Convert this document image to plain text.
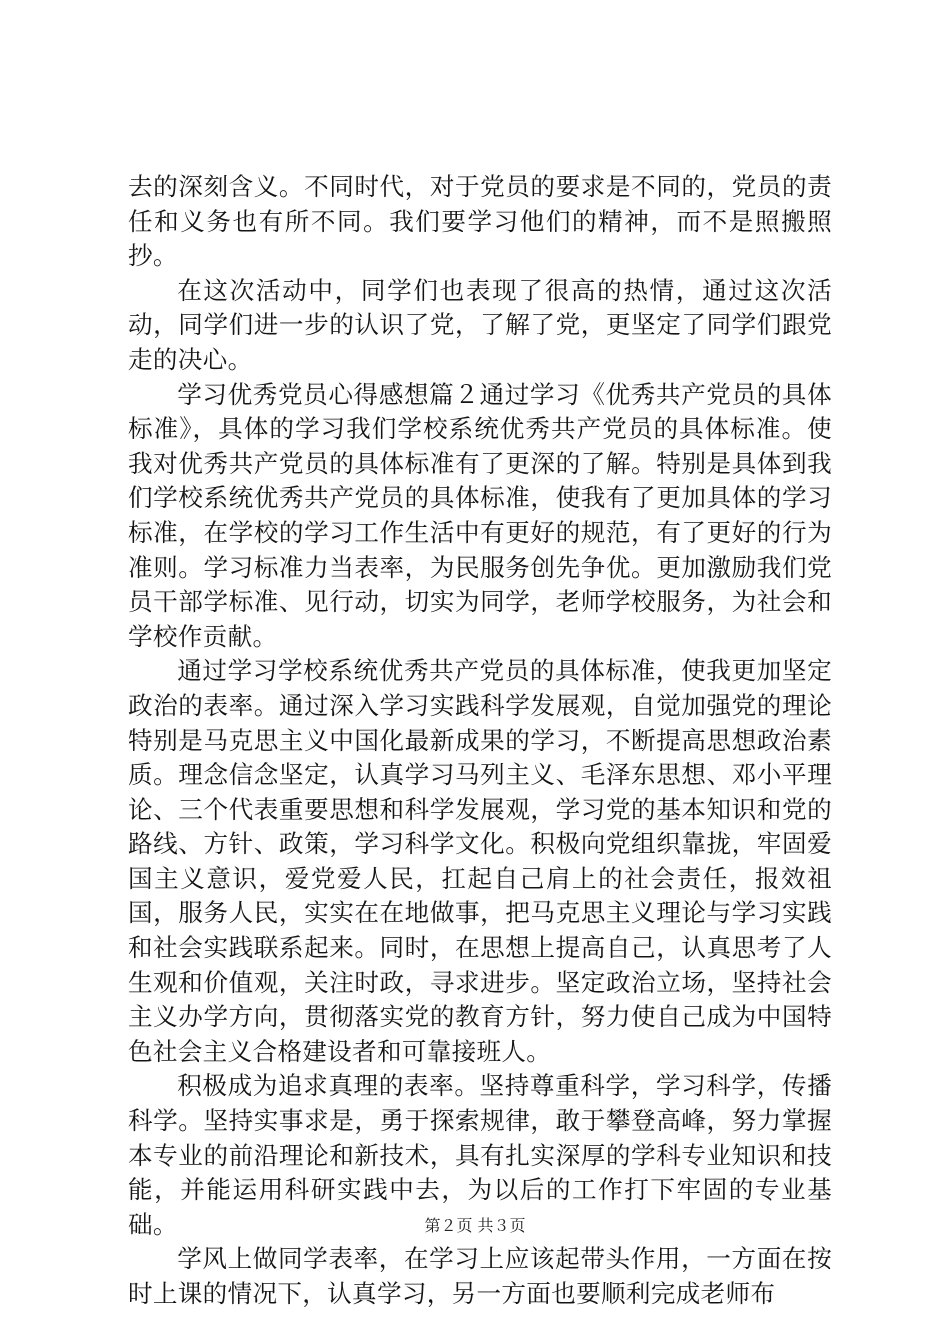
去的深刻含义。不同时代，对于党员的要求是不同的，党员的责任和义务也有所不同。我们要学习他们的精神，而不是照搬照抄。

在这次活动中，同学们也表现了很高的热情，通过这次活动，同学们进一步的认识了党，了解了党，更坚定了同学们跟党走的决心。

学习优秀党员心得感想篇２通过学习《优秀共产党员的具体标准》，具体的学习我们学校系统优秀共产党员的具体标准。使我对优秀共产党员的具体标准有了更深的了解。特别是具体到我们学校系统优秀共产党员的具体标准，使我有了更加具体的学习标准，在学校的学习工作生活中有更好的规范，有了更好的行为准则。学习标准力当表率，为民服务创先争优。更加激励我们党员干部学标准、见行动，切实为同学，老师学校服务，为社会和学校作贡献。

通过学习学校系统优秀共产党员的具体标准，使我更加坚定政治的表率。通过深入学习实践科学发展观，自觉加强党的理论特别是马克思主义中国化最新成果的学习，不断提高思想政治素质。理念信念坚定，认真学习马列主义、毛泽东思想、邓小平理论、三个代表重要思想和科学发展观，学习党的基本知识和党的路线、方针、政策，学习科学文化。积极向党组织靠拢，牢固爱国主义意识，爱党爱人民，扛起自己肩上的社会责任，报效祖国，服务人民，实实在在地做事，把马克思主义理论与学习实践和社会实践联系起来。同时，在思想上提高自己，认真思考了人生观和价值观，关注时政，寻求进步。坚定政治立场，坚持社会主义办学方向，贯彻落实党的教育方针，努力使自己成为中国特色社会主义合格建设者和可靠接班人。

积极成为追求真理的表率。坚持尊重科学，学习科学，传播科学。坚持实事求是，勇于探索规律，敢于攀登高峰，努力掌握本专业的前沿理论和新技术，具有扎实深厚的学科专业知识和技能，并能运用科研实践中去，为以后的工作打下牢固的专业基础。

学风上做同学表率，在学习上应该起带头作用，一方面在按时上课的情况下，认真学习，另一方面也要顺利完成老师布

第２页 共３页
